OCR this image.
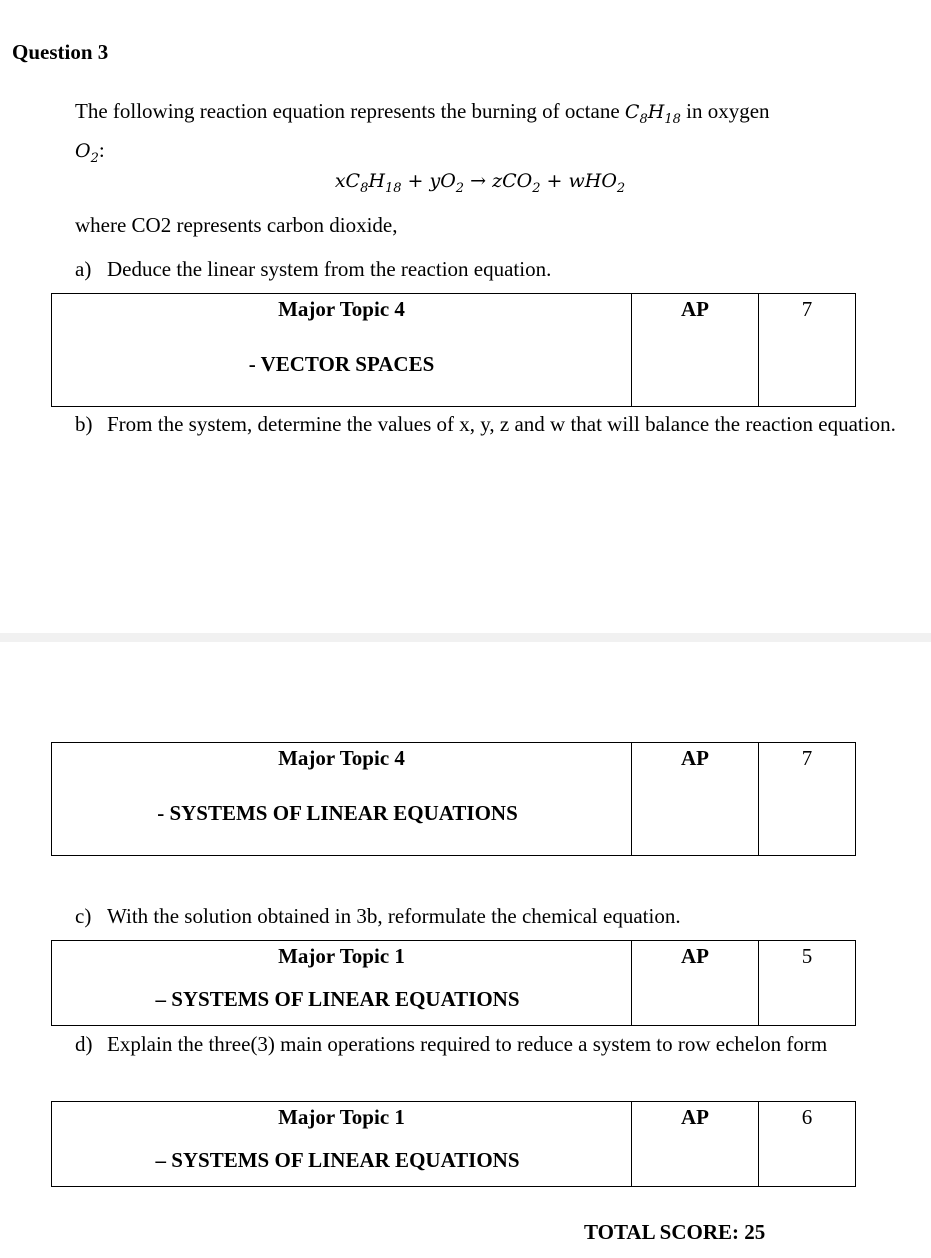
Question 3
The following reaction equation represents the burning of octane $C_8H_{18}$ in oxygen
$O_2$:
$xC_8H_{18} + yO_2 \to zCO_2 + wHO_2$
where CO2 represents carbon dioxide,
a) Deduce the linear system from the reaction equation.
Major Topic 4
- VECTOR SPACES

AP	7
b) From the system, determine the values of x, y, z and w that will balance the reaction equation.
Major Topic 4
- SYSTEMS OF LINEAR EQUATIONS

AP	7
c) With the solution obtained in 3b, reformulate the chemical equation.
Major Topic 1
– SYSTEMS OF LINEAR EQUATIONS

AP	5
d) Explain the three(3) main operations required to reduce a system to row echelon form
Major Topic 1
– SYSTEMS OF LINEAR EQUATIONS

AP	6
TOTAL SCORE: 25
